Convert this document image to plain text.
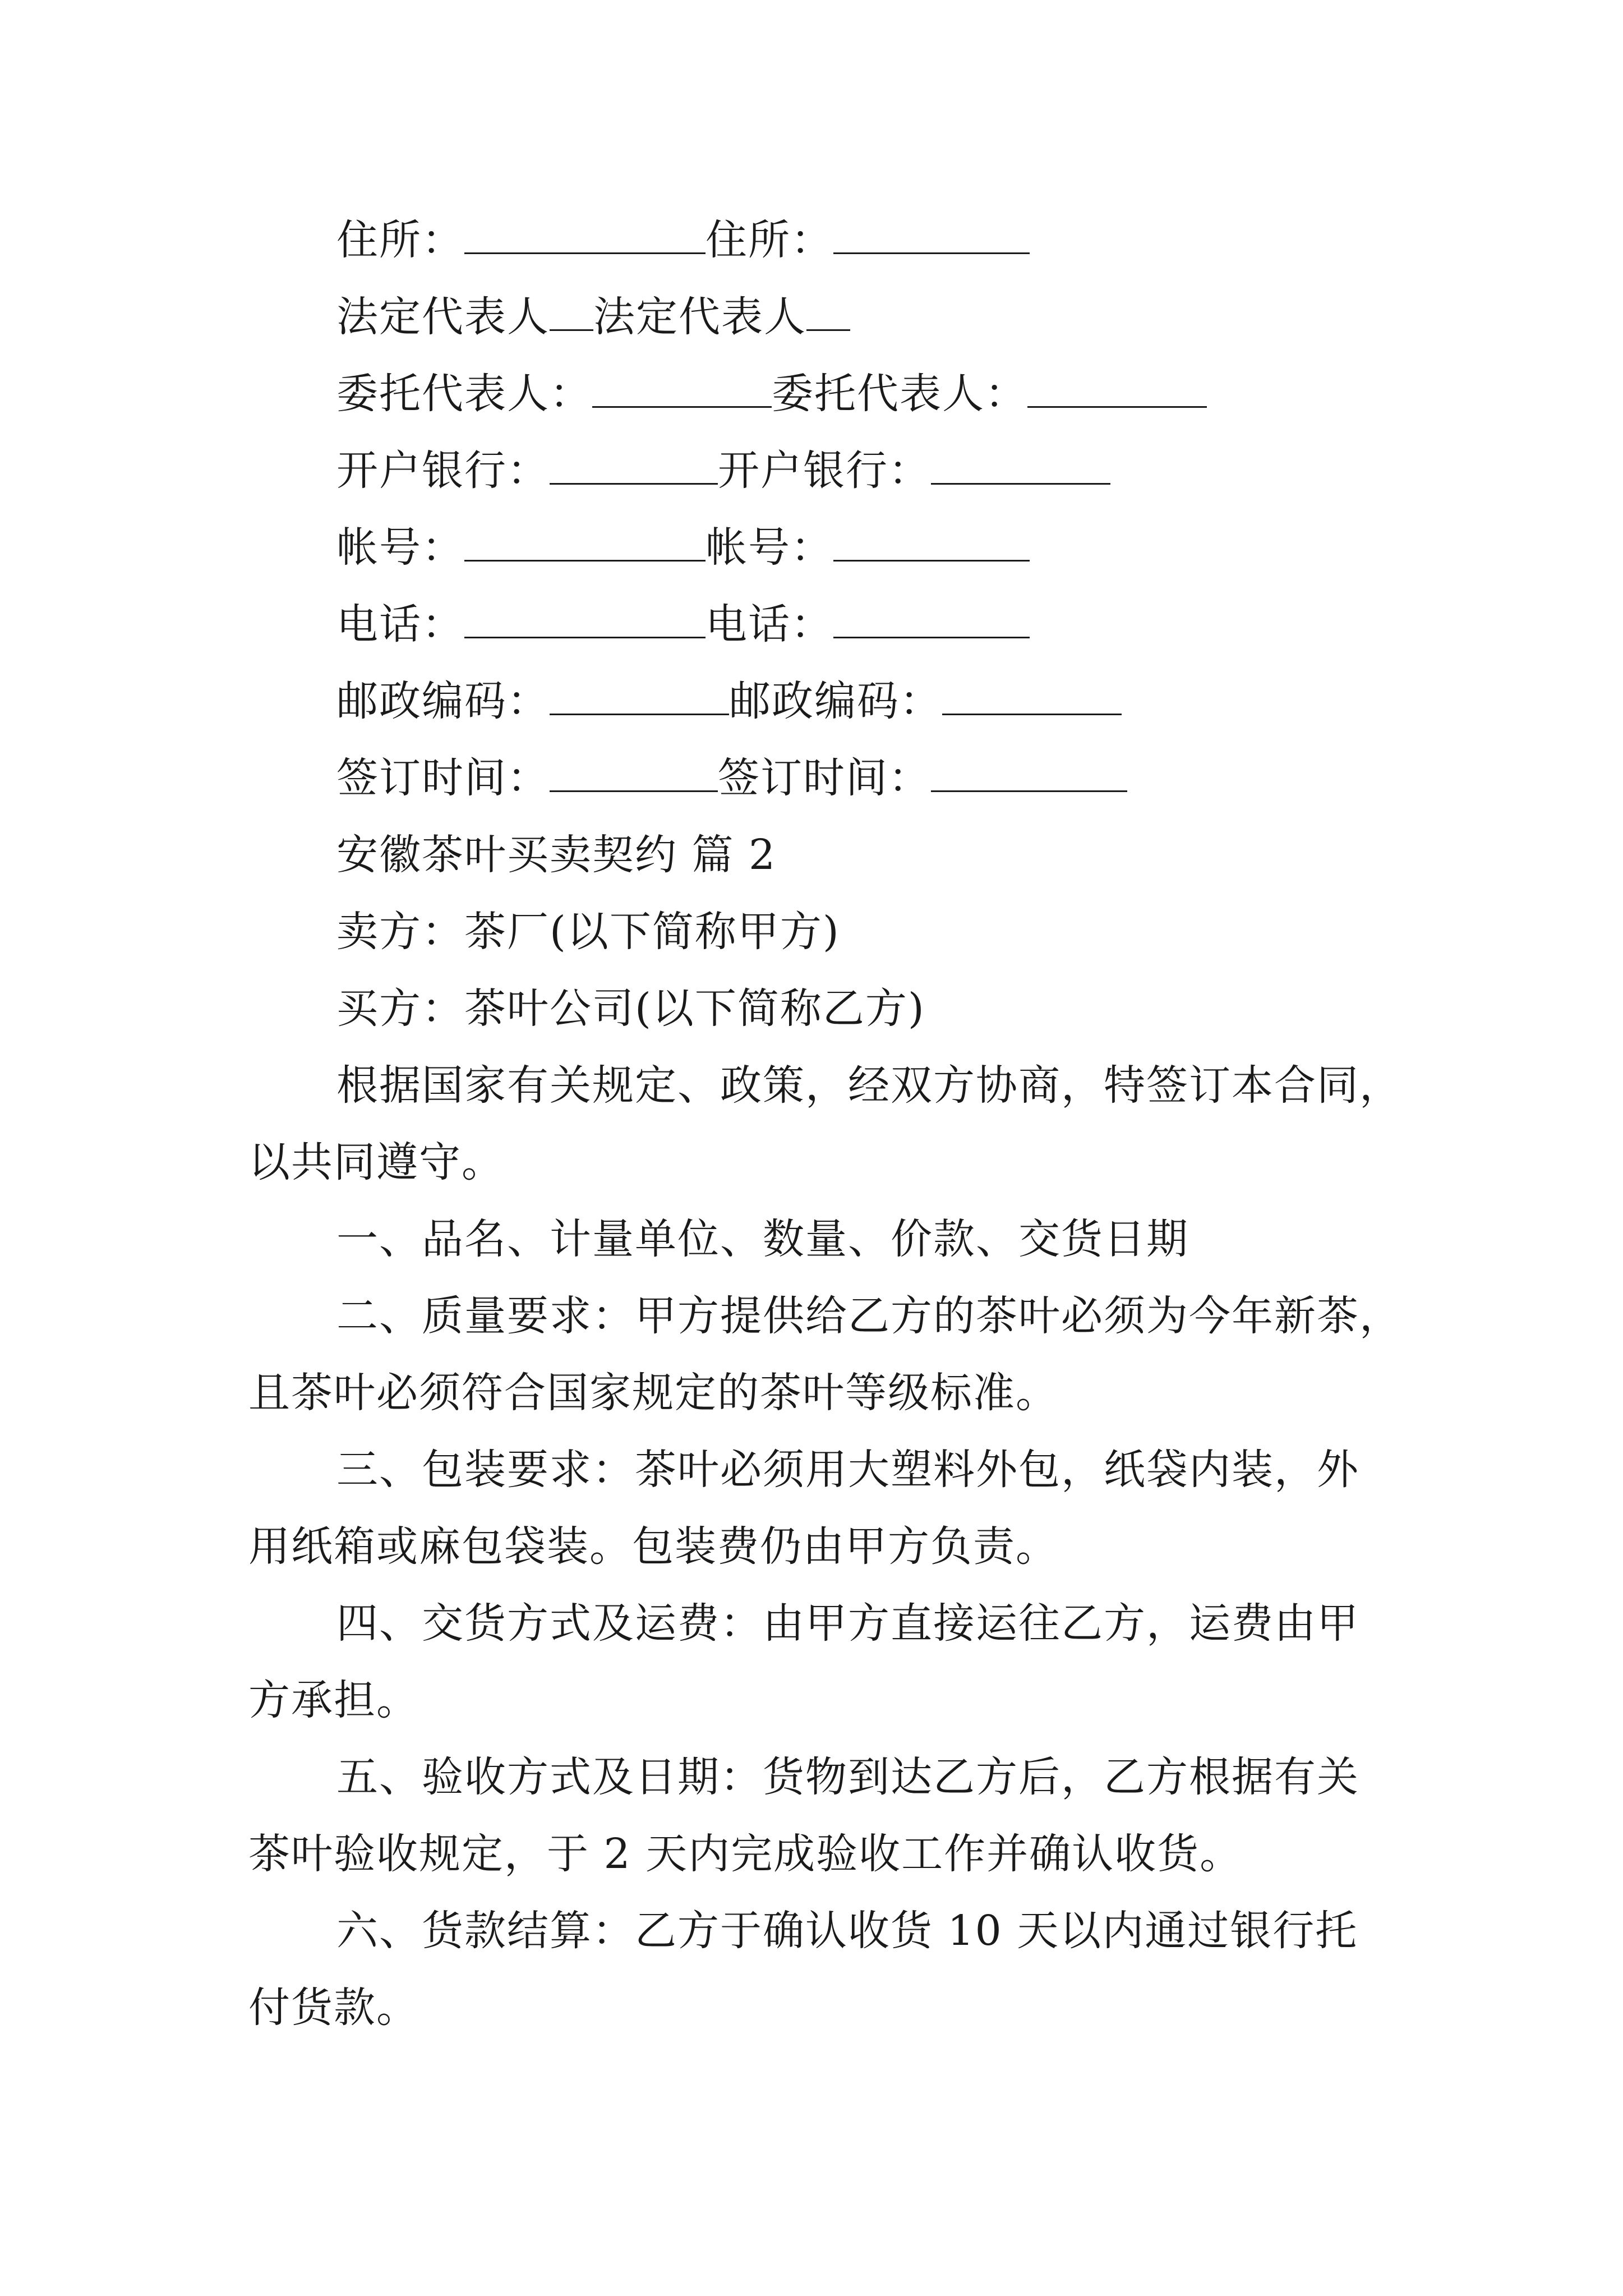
住所：	住所：
法定代表人 法定代表人
委托代表人：	委托代表人：
开户银行：	开户银行：
帐号：	帐号：
电话：	电话：
邮政编码：	邮政编码：
签订时间：	签订时间：
安徽茶叶买卖契约 篇 2
卖方：茶厂(以下简称甲方)
买方：茶叶公司(以下简称乙方)
根据国家有关规定、政策，经双方协商，特签订本合同，
以共同遵守。
一、品名、计量单位、数量、价款、交货日期
二、质量要求：甲方提供给乙方的茶叶必须为今年新茶，
且茶叶必须符合国家规定的茶叶等级标准。
三、包装要求：茶叶必须用大塑料外包，纸袋内装，外
用纸箱或麻包袋装。包装费仍由甲方负责。
四、交货方式及运费：由甲方直接运往乙方，运费由甲
方承担。
五、验收方式及日期：货物到达乙方后，乙方根据有关
茶叶验收规定，于 2 天内完成验收工作并确认收货。
六、货款结算：乙方于确认收货 10 天以内通过银行托
付货款。
